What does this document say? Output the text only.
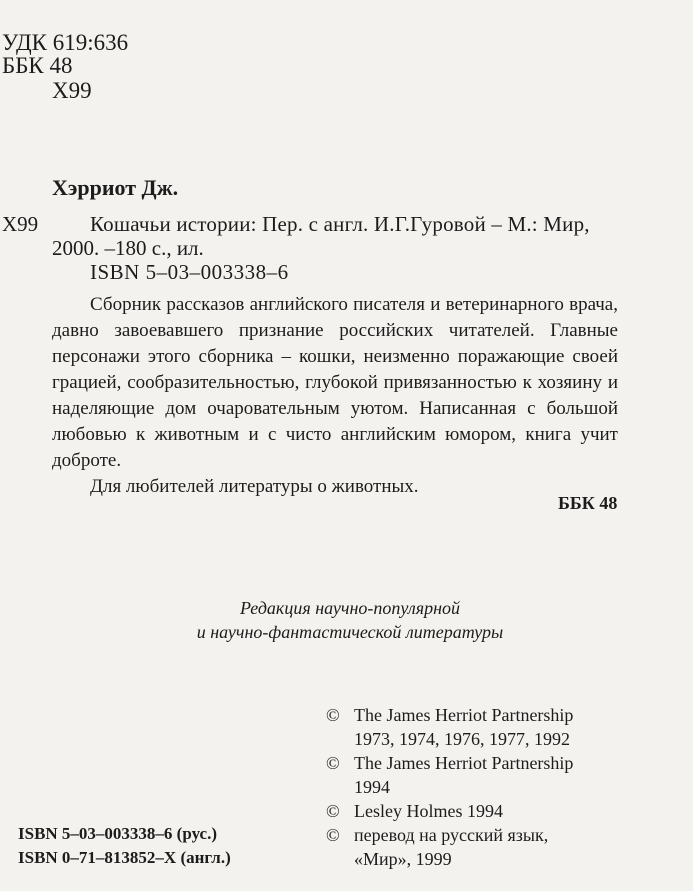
УДК 619:636
ББК 48
Х99
Хэрриот Дж.
Х99 Кошачьи истории: Пер. с англ. И.Г.Гуровой – М.: Мир,
2000. –180 с., ил.
ISBN 5–03–003338–6

Сборник рассказов английского писателя и ветеринарного врача, давно завоевавшего признание российских читателей. Главные персонажи этого сборника – кошки, неизменно поражающие своей грацией, сообразительностью, глубокой привязанностью к хозяину и наделяющие дом очаровательным уютом. Написанная с большой любовью к животным и с чисто английским юмором, книга учит доброте.

Для любителей литературы о животных.

ББК 48
Редакция научно-популярной
и научно-фантастической литературы
© The James Herriot Partnership
1973, 1974, 1976, 1977, 1992
© The James Herriot Partnership
1994
© Lesley Holmes 1994
© перевод на русский язык,
«Мир», 1999
ISBN 5–03–003338–6 (рус.)
ISBN 0–71–813852–X (англ.)
